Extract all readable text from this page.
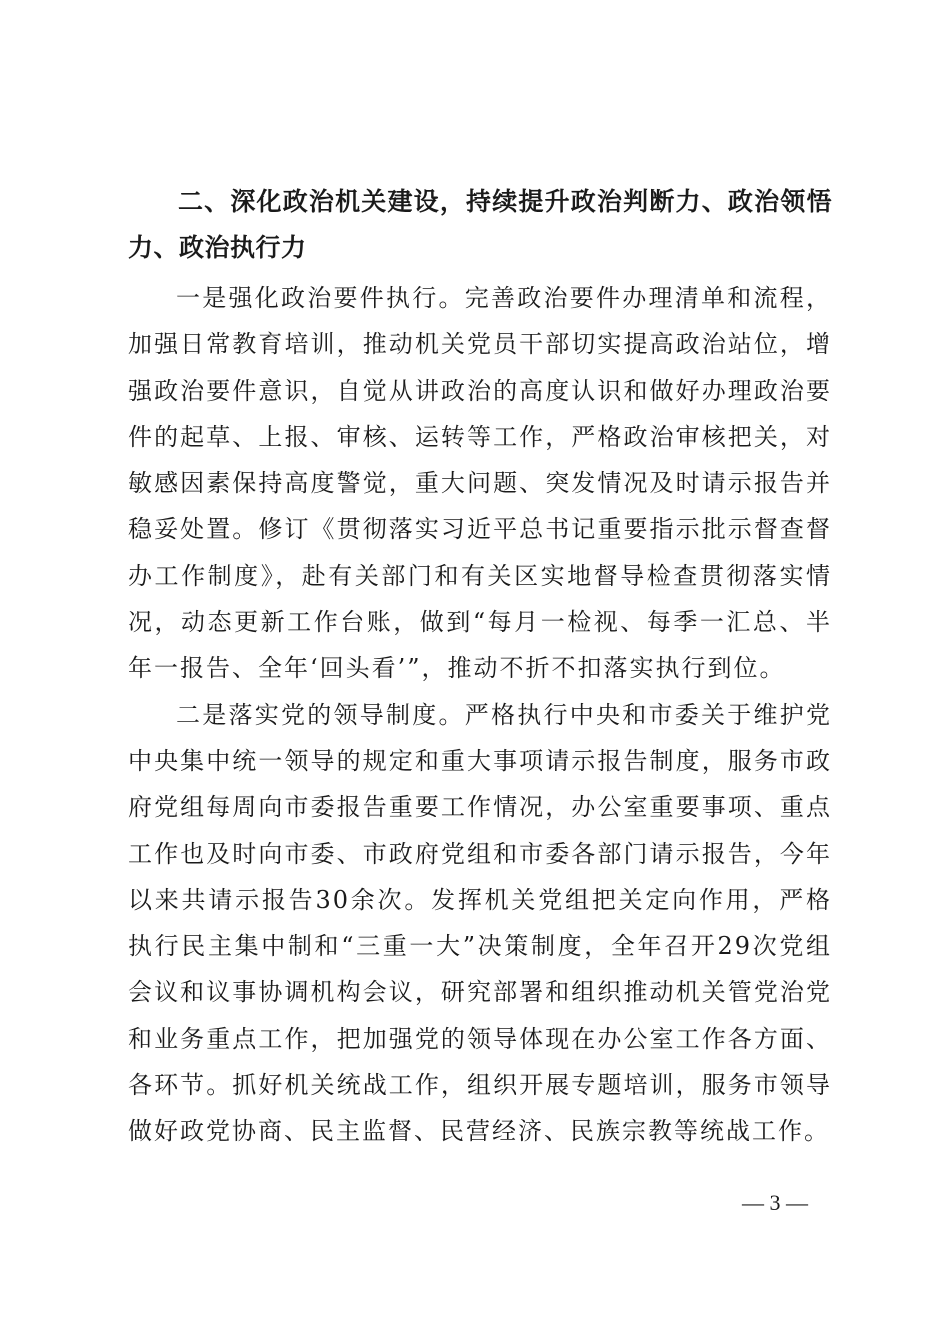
二、深化政治机关建设，持续提升政治判断力、政治领悟力、政治执行力

一是强化政治要件执行。完善政治要件办理清单和流程，加强日常教育培训，推动机关党员干部切实提高政治站位，增强政治要件意识，自觉从讲政治的高度认识和做好办理政治要件的起草、上报、审核、运转等工作，严格政治审核把关，对敏感因素保持高度警觉，重大问题、突发情况及时请示报告并稳妥处置。修订《贯彻落实习近平总书记重要指示批示督查督办工作制度》，赴有关部门和有关区实地督导检查贯彻落实情况，动态更新工作台账，做到“每月一检视、每季一汇总、半年一报告、全年‘回头看’”，推动不折不扣落实执行到位。

二是落实党的领导制度。严格执行中央和市委关于维护党中央集中统一领导的规定和重大事项请示报告制度，服务市政府党组每周向市委报告重要工作情况，办公室重要事项、重点工作也及时向市委、市政府党组和市委各部门请示报告，今年以来共请示报告30余次。发挥机关党组把关定向作用，严格执行民主集中制和“三重一大”决策制度，全年召开29次党组会议和议事协调机构会议，研究部署和组织推动机关管党治党和业务重点工作，把加强党的领导体现在办公室工作各方面、各环节。抓好机关统战工作，组织开展专题培训，服务市领导做好政党协商、民主监督、民营经济、民族宗教等统战工作。

— 3 —
